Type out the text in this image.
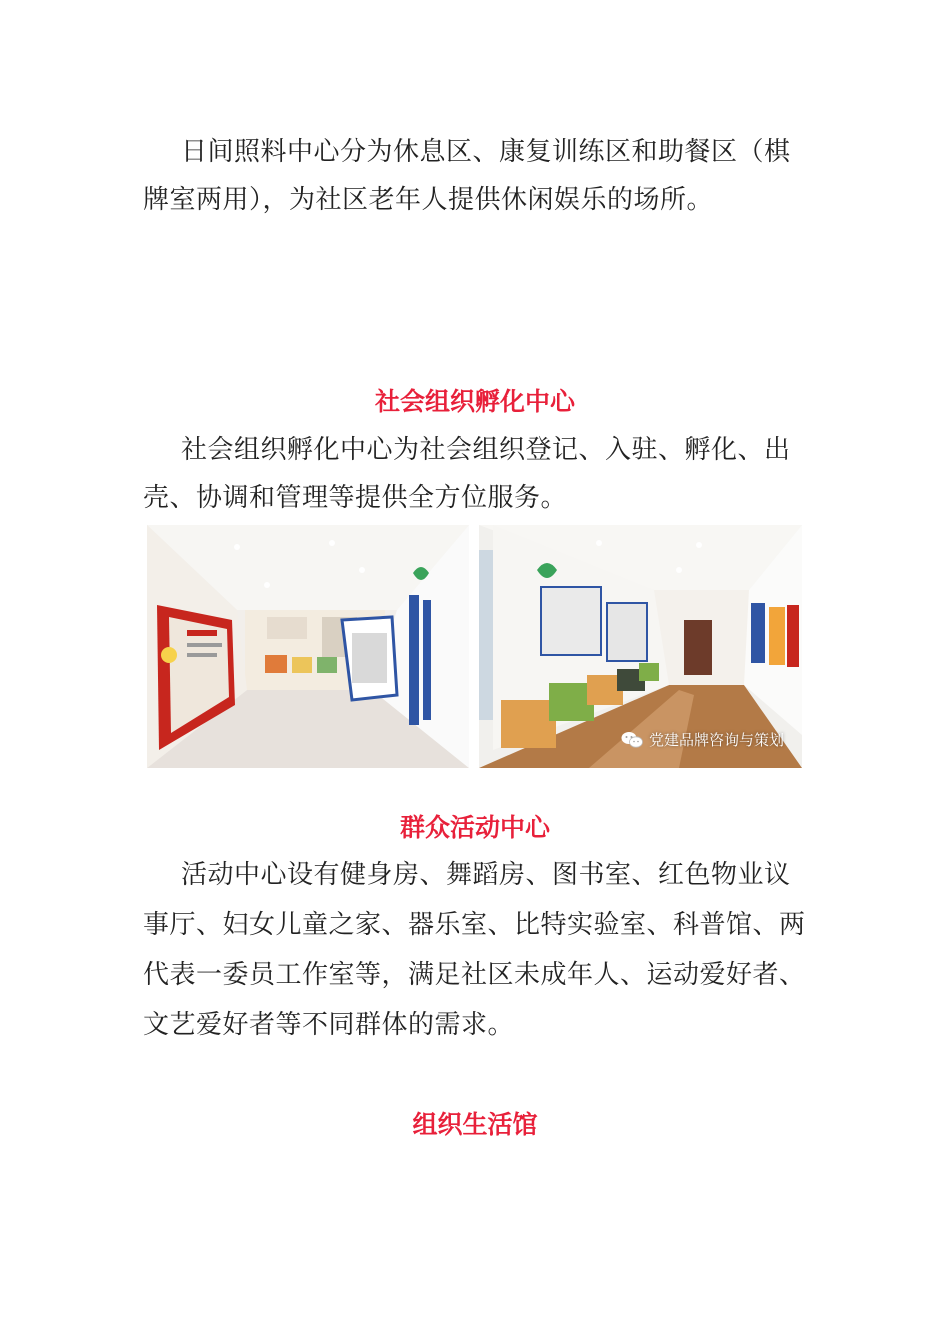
日间照料中心分为休息区、康复训练区和助餐区（棋牌室两用），为社区老年人提供休闲娱乐的场所。

社会组织孵化中心

社会组织孵化中心为社会组织登记、入驻、孵化、出壳、协调和管理等提供全方位服务。

党建品牌咨询与策划
群众活动中心

活动中心设有健身房、舞蹈房、图书室、红色物业议事厅、妇女儿童之家、器乐室、比特实验室、科普馆、两代表一委员工作室等，满足社区未成年人、运动爱好者、文艺爱好者等不同群体的需求。

组织生活馆
